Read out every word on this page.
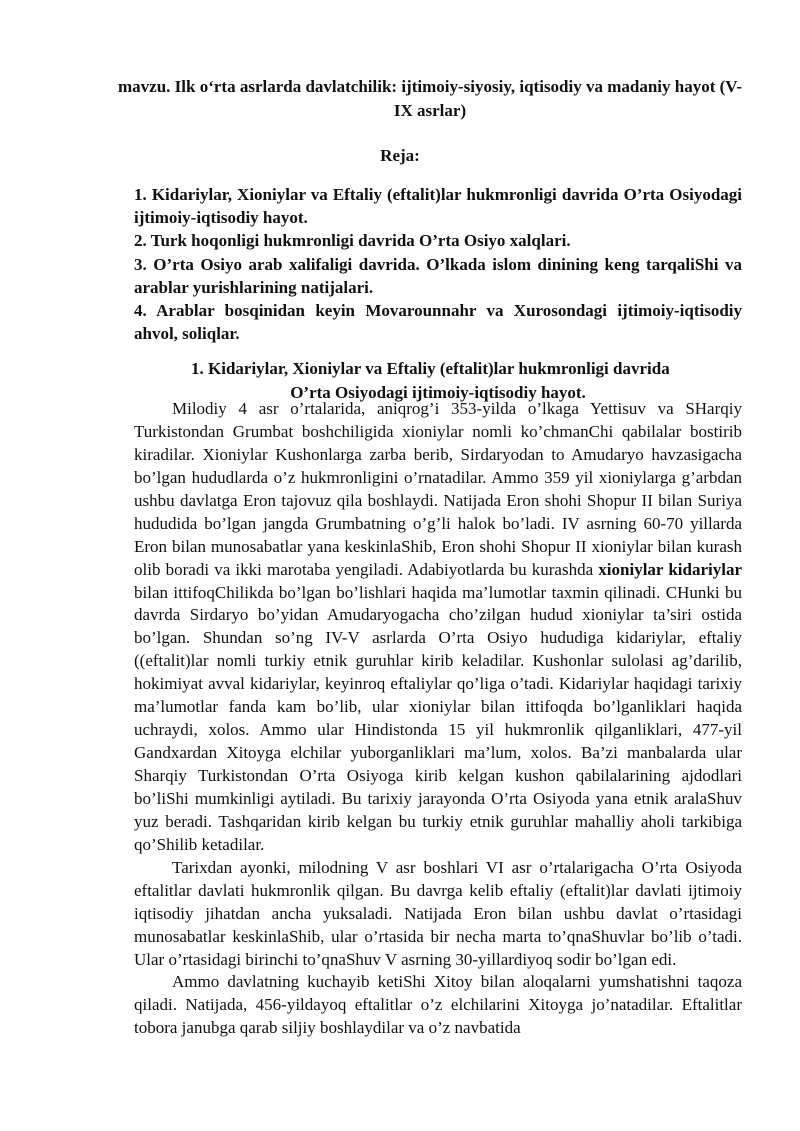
mavzu. Ilk o‘rta asrlarda davlatchilik: ijtimoiy-siyosiy, iqtisodiy va madaniy hayot (V-IX asrlar)
Reja:

1. Kidariylar, Xioniylar va Eftaliy (eftalit)lar hukmronligi davrida O’rta Osiyodagi ijtimoiy-iqtisodiy hayot.

2. Turk hoqonligi hukmronligi davrida O’rta Osiyo xalqlari.

3. O’rta Osiyo arab xalifaligi davrida. O’lkada islom dinining keng tarqaliShi va arablar yurishlarining natijalari.

4. Arablar bosqinidan keyin Movarounnahr va Xurosondagi ijtimoiy-iqtisodiy ahvol, soliqlar.

1. Kidariylar, Xioniylar va Eftaliy (eftalit)lar hukmronligi davrida
O’rta Osiyodagi ijtimoiy-iqtisodiy hayot.

Milodiy 4 asr o’rtalarida, aniqrog’i 353-yilda o’lkaga Yettisuv va SHarqiy Turkistondan Grumbat boshchiligida xioniylar nomli ko’chmanChi qabilalar bostirib kiradilar. Xioniylar Kushonlarga zarba berib, Sirdaryodan to Amudaryo havzasigacha bo’lgan hududlarda o’z hukmronligini o’rnatadilar. Ammo 359 yil xioniylarga g’arbdan ushbu davlatga Eron tajovuz qila boshlaydi. Natijada Eron shohi Shopur II bilan Suriya hududida bo’lgan jangda Grumbatning o’g’li halok bo’ladi. IV asrning 60-70 yillarda Eron bilan munosabatlar yana keskinlaShib, Eron shohi Shopur II xioniylar bilan kurash olib boradi va ikki marotaba yengiladi. Adabiyotlarda bu kurashda xioniylar kidariylar bilan ittifoqChilikda bo’lgan bo’lishlari haqida ma’lumotlar taxmin qilinadi. CHunki bu davrda Sirdaryo bo’yidan Amudaryogacha cho’zilgan hudud xioniylar ta’siri ostida bo’lgan. Shundan so’ng IV-V asrlarda O’rta Osiyo hududiga kidariylar, eftaliy ((eftalit)lar nomli turkiy etnik guruhlar kirib keladilar. Kushonlar sulolasi ag’darilib, hokimiyat avval kidariylar, keyinroq eftaliylar qo’liga o’tadi. Kidariylar haqidagi tarixiy ma’lumotlar fanda kam bo’lib, ular xioniylar bilan ittifoqda bo’lganliklari haqida uchraydi, xolos. Ammo ular Hindistonda 15 yil hukmronlik qilganliklari, 477-yil Gandxardan Xitoyga elchilar yuborganliklari ma’lum, xolos. Ba’zi manbalarda ular Sharqiy Turkistondan O’rta Osiyoga kirib kelgan kushon qabilalarining ajdodlari bo’liShi mumkinligi aytiladi. Bu tarixiy jarayonda O’rta Osiyoda yana etnik aralaShuv yuz beradi. Tashqaridan kirib kelgan bu turkiy etnik guruhlar mahalliy aholi tarkibiga qo’Shilib ketadilar.

Tarixdan ayonki, milodning V asr boshlari VI asr o’rtalarigacha O’rta Osiyoda eftalitlar davlati hukmronlik qilgan. Bu davrga kelib eftaliy (eftalit)lar davlati ijtimoiy iqtisodiy jihatdan ancha yuksaladi. Natijada Eron bilan ushbu davlat o’rtasidagi munosabatlar keskinlaShib, ular o’rtasida bir necha marta to’qnaShuvlar bo’lib o’tadi. Ular o’rtasidagi birinchi to’qnaShuv V asrning 30-yillardiyoq sodir bo’lgan edi.

Ammo davlatning kuchayib ketiShi Xitoy bilan aloqalarni yumshatishni taqoza qiladi. Natijada, 456-yildayoq eftalitlar o’z elchilarini Xitoyga jo’natadilar. Eftalitlar tobora janubga qarab siljiy boshlaydilar va o’z navbatida
